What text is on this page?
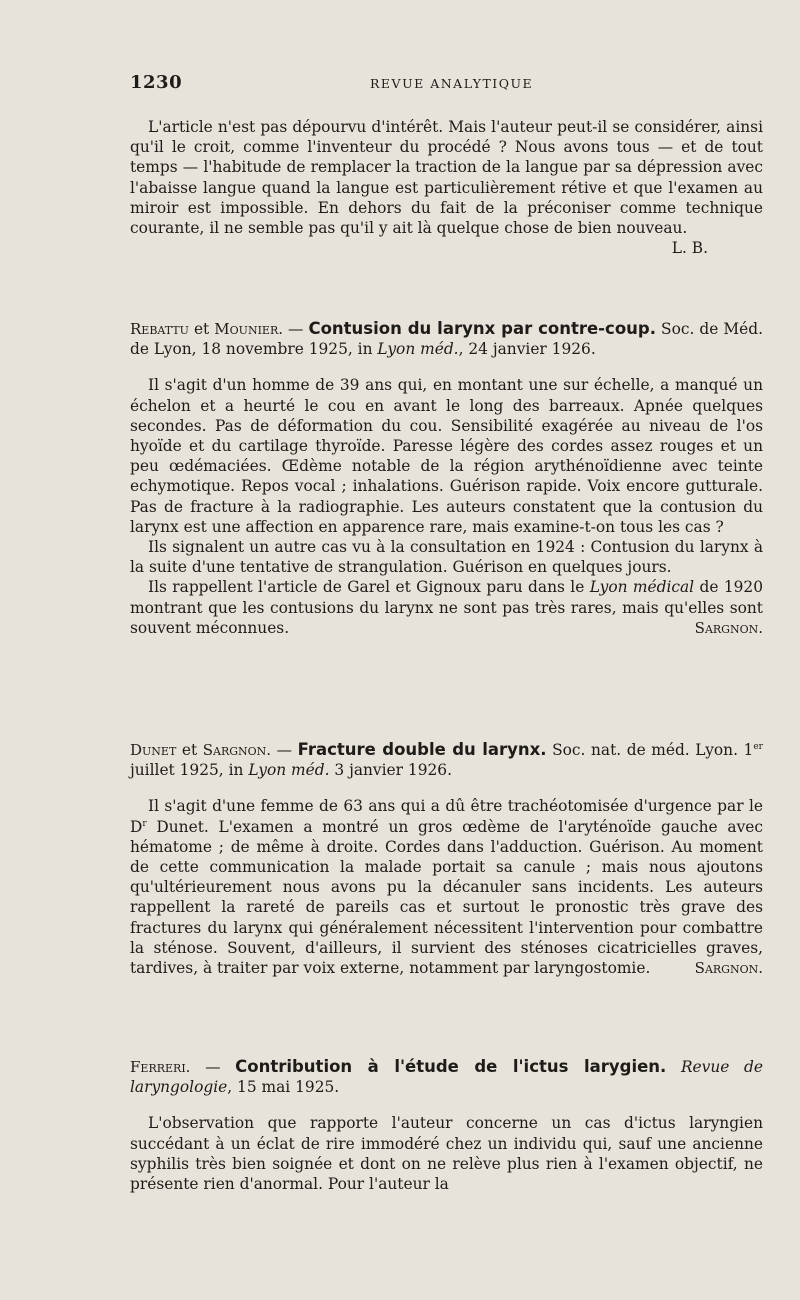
1230	REVUE ANALYTIQUE

L'article n'est pas dépourvu d'intérêt. Mais l'auteur peut-il se considérer, ainsi qu'il le croit, comme l'inventeur du procédé ? Nous avons tous — et de tout temps — l'habitude de remplacer la traction de la langue par sa dépression avec l'abaisse langue quand la langue est particulièrement rétive et que l'examen au miroir est impossible. En dehors du fait de la préconiser comme technique courante, il ne semble pas qu'il y ait là quelque chose de bien nouveau.

L. B.

Rebattu et Mounier. — Contusion du larynx par contre-coup. Soc. de Méd. de Lyon, 18 novembre 1925, in Lyon méd., 24 janvier 1926.

Il s'agit d'un homme de 39 ans qui, en montant une sur échelle, a manqué un échelon et a heurté le cou en avant le long des barreaux. Apnée quelques secondes. Pas de déformation du cou. Sensibilité exagérée au niveau de l'os hyoïde et du cartilage thyroïde. Paresse légère des cordes assez rouges et un peu œdémaciées. Œdème notable de la région arythénoïdienne avec teinte echymotique. Repos vocal ; inhalations. Guérison rapide. Voix encore gutturale. Pas de fracture à la radiographie. Les auteurs constatent que la contusion du larynx est une affection en apparence rare, mais examine-t-on tous les cas ?

Ils signalent un autre cas vu à la consultation en 1924 : Contusion du larynx à la suite d'une tentative de strangulation. Guérison en quelques jours.

Ils rappellent l'article de Garel et Gignoux paru dans le Lyon médical de 1920 montrant que les contusions du larynx ne sont pas très rares, mais qu'elles sont souvent méconnues.	Sargnon.

Dunet et Sargnon. — Fracture double du larynx. Soc. nat. de méd. Lyon. 1er juillet 1925, in Lyon méd. 3 janvier 1926.

Il s'agit d'une femme de 63 ans qui a dû être trachéotomisée d'urgence par le $D^r$ Dunet. L'examen a montré un gros œdème de l'aryténoïde gauche avec hématome ; de même à droite. Cordes dans l'adduction. Guérison. Au moment de cette communication la malade portait sa canule ; mais nous ajoutons qu'ultérieurement nous avons pu la décanuler sans incidents. Les auteurs rappellent la rareté de pareils cas et surtout le pronostic très grave des fractures du larynx qui généralement nécessitent l'intervention pour combattre la sténose. Souvent, d'ailleurs, il survient des sténoses cicatricielles graves, tardives, à traiter par voix externe, notamment par laryngostomie.	Sargnon.

Ferreri. — Contribution à l'étude de l'ictus larygien. Revue de laryngologie, 15 mai 1925.

L'observation que rapporte l'auteur concerne un cas d'ictus laryngien succédant à un éclat de rire immodéré chez un individu qui, sauf une ancienne syphilis très bien soignée et dont on ne relève plus rien à l'examen objectif, ne présente rien d'anormal. Pour l'auteur la
